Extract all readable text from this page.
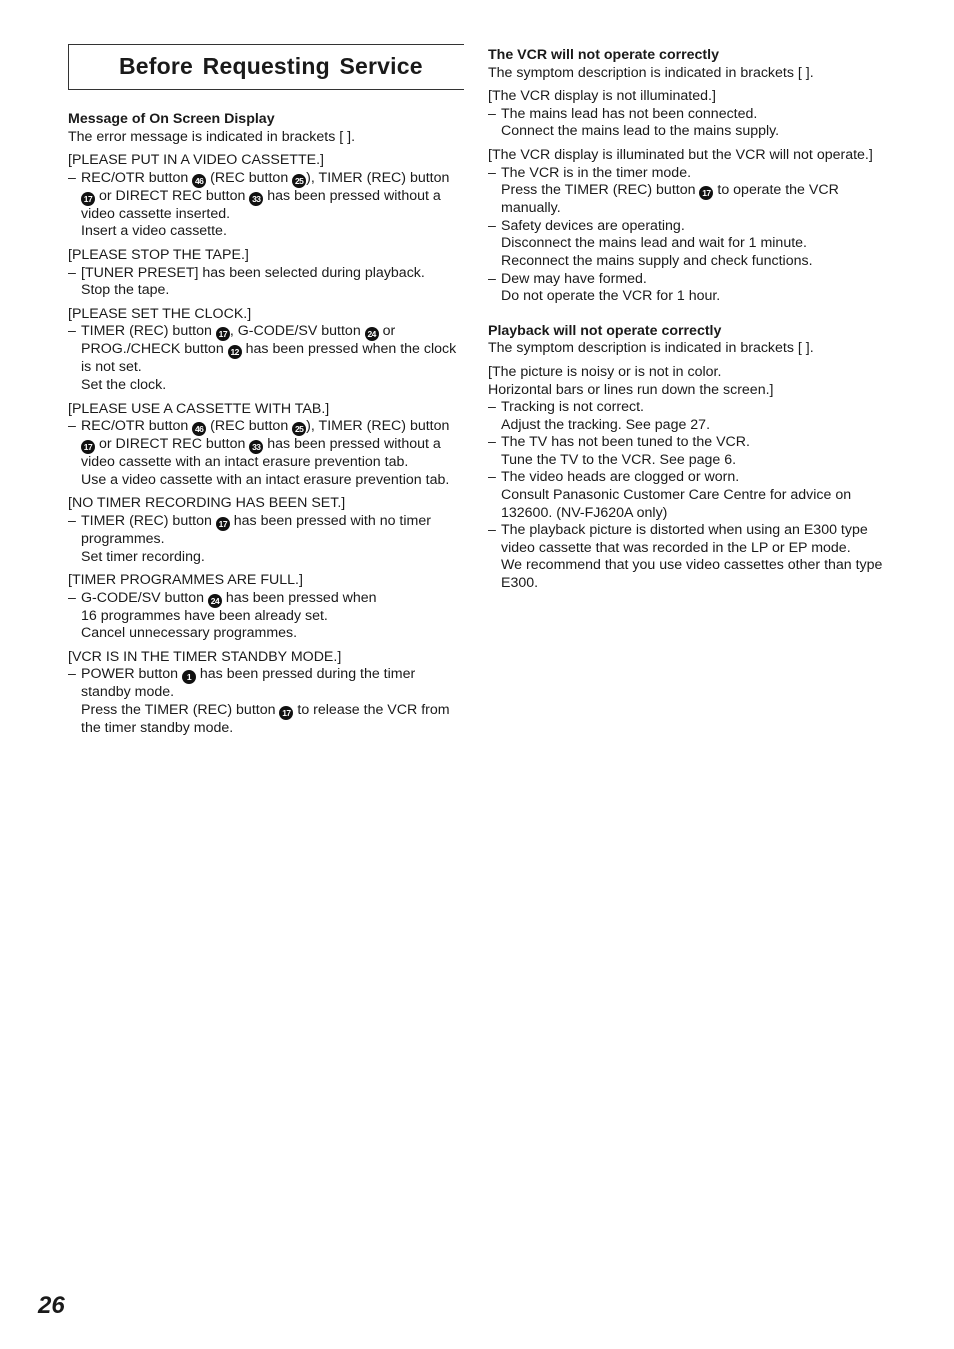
Before Requesting Service

Message of On Screen Display

The error message is indicated in brackets [ ].

[PLEASE PUT IN A VIDEO CASSETTE.]

– REC/OTR button 46 (REC button 25 ), TIMER (REC) button 17 or DIRECT REC button 33 has been pressed without a video cassette inserted.

Insert a video cassette.

[PLEASE STOP THE TAPE.]

– [TUNER PRESET] has been selected during playback.

Stop the tape.

[PLEASE SET THE CLOCK.]

– TIMER (REC) button 17 , G-CODE/SV button 24 or PROG./CHECK button 12 has been pressed when the clock is not set.

Set the clock.

[PLEASE USE A CASSETTE WITH TAB.]

– REC/OTR button 46 (REC button 25 ), TIMER (REC) button 17 or DIRECT REC button 33 has been pressed without a video cassette with an intact erasure prevention tab.

Use a video cassette with an intact erasure prevention tab.

[NO TIMER RECORDING HAS BEEN SET.]

– TIMER (REC) button 17 has been pressed with no timer programmes.

Set timer recording.

[TIMER PROGRAMMES ARE FULL.]

– G-CODE/SV button 24 has been pressed when

16 programmes have been already set.

Cancel unnecessary programmes.

[VCR IS IN THE TIMER STANDBY MODE.]

– POWER button 1 has been pressed during the timer standby mode.

Press the TIMER (REC) button 17 to release the VCR from the timer standby mode.

The VCR will not operate correctly

The symptom description is indicated in brackets [ ].

[The VCR display is not illuminated.]

– The mains lead has not been connected.

Connect the mains lead to the mains supply.

[The VCR display is illuminated but the VCR will not operate.]

– The VCR is in the timer mode.

Press the TIMER (REC) button 17 to operate the VCR manually.

– Safety devices are operating.

Disconnect the mains lead and wait for 1 minute.

Reconnect the mains supply and check functions.

– Dew may have formed.

Do not operate the VCR for 1 hour.

Playback will not operate correctly

The symptom description is indicated in brackets [ ].

[The picture is noisy or is not in color.

Horizontal bars or lines run down the screen.]

– Tracking is not correct.

Adjust the tracking. See page 27.

– The TV has not been tuned to the VCR.

Tune the TV to the VCR. See page 6.

– The video heads are clogged or worn.

Consult Panasonic Customer Care Centre for advice on 132600. (NV-FJ620A only)

– The playback picture is distorted when using an E300 type video cassette that was recorded in the LP or EP mode.

We recommend that you use video cassettes other than type E300.

26
